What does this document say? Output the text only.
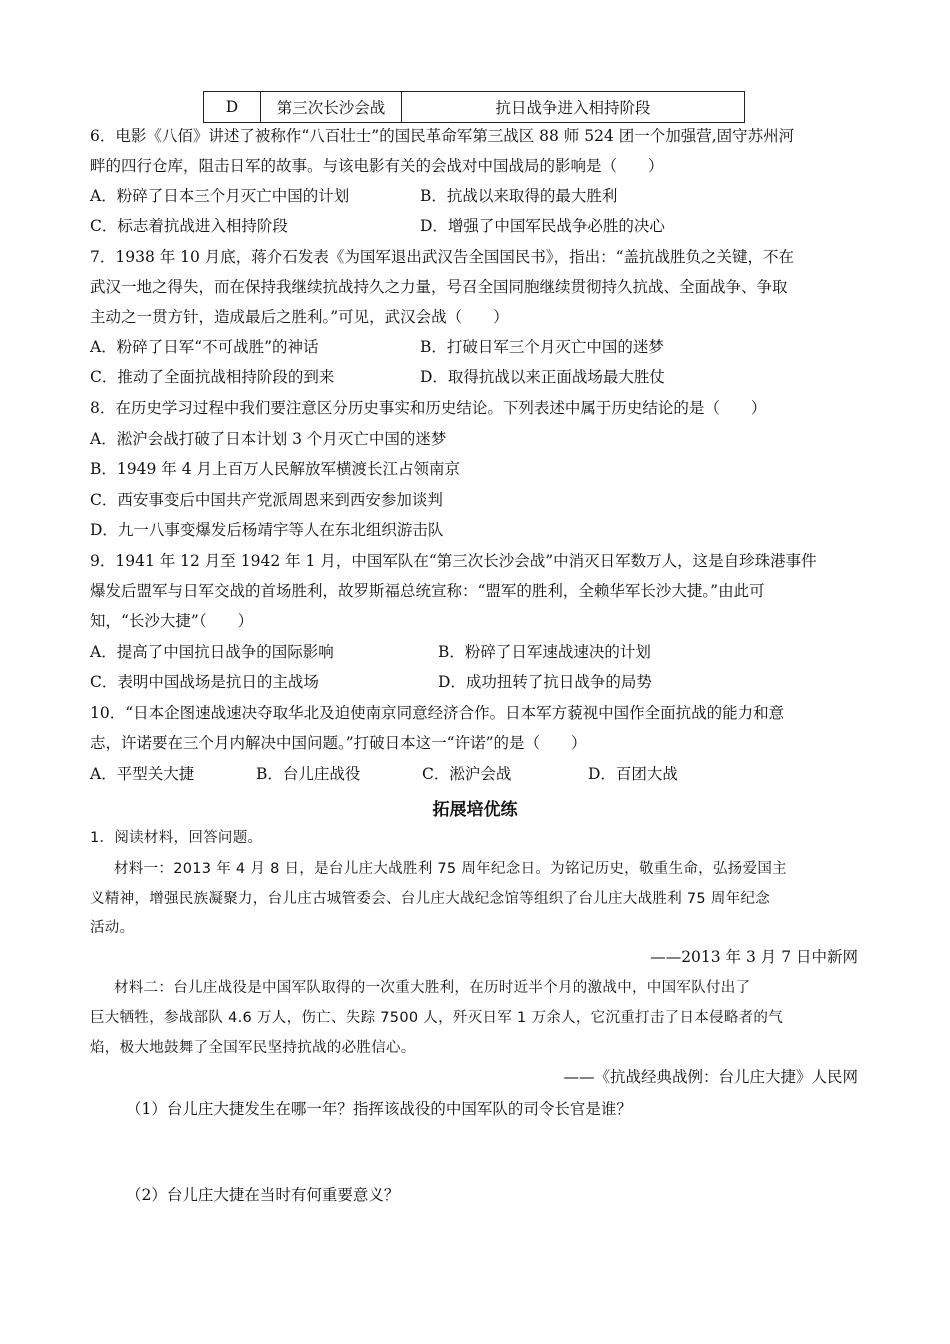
D	第三次长沙会战	抗日战争进入相持阶段
6．电影《八佰》讲述了被称作“八百壮士”的国民革命军第三战区 88 师 524 团一个加强营,固守苏州河
畔的四行仓库，阻击日军的故事。与该电影有关的会战对中国战局的影响是（　　）
A．粉碎了日本三个月灭亡中国的计划	B．抗战以来取得的最大胜利
C．标志着抗战进入相持阶段	D．增强了中国军民战争必胜的决心
7．1938 年 10 月底，蒋介石发表《为国军退出武汉告全国国民书》，指出：“盖抗战胜负之关键，不在
武汉一地之得失，而在保持我继续抗战持久之力量，号召全国同胞继续贯彻持久抗战、全面战争、争取
主动之一贯方针，造成最后之胜利。”可见，武汉会战（　　）
A．粉碎了日军“不可战胜”的神话	B．打破日军三个月灭亡中国的迷梦
C．推动了全面抗战相持阶段的到来	D．取得抗战以来正面战场最大胜仗
8．在历史学习过程中我们要注意区分历史事实和历史结论。下列表述中属于历史结论的是（　　）
A．淞沪会战打破了日本计划 3 个月灭亡中国的迷梦
B．1949 年 4 月上百万人民解放军横渡长江占领南京
C．西安事变后中国共产党派周恩来到西安参加谈判
D．九一八事变爆发后杨靖宇等人在东北组织游击队
9．1941 年 12 月至 1942 年 1 月，中国军队在“第三次长沙会战”中消灭日军数万人，这是自珍珠港事件
爆发后盟军与日军交战的首场胜利，故罗斯福总统宣称：“盟军的胜利，全赖华军长沙大捷。”由此可
知，“长沙大捷”（　　）
A．提高了中国抗日战争的国际影响	B．粉碎了日军速战速决的计划
C．表明中国战场是抗日的主战场	D．成功扭转了抗日战争的局势
10．“日本企图速战速决夺取华北及迫使南京同意经济合作。日本军方藐视中国作全面抗战的能力和意
志，许诺要在三个月内解决中国问题。”打破日本这一“许诺”的是（　　）
A．平型关大捷	B．台儿庄战役	C．淞沪会战	D．百团大战
拓展培优练
1．阅读材料，回答问题。
材料一：2013 年 4 月 8 日，是台儿庄大战胜利 75 周年纪念日。为铭记历史，敬重生命，弘扬爱国主
义精神，增强民族凝聚力，台儿庄古城管委会、台儿庄大战纪念馆等组织了台儿庄大战胜利 75 周年纪念
活动。
——2013 年 3 月 7 日中新网
材料二：台儿庄战役是中国军队取得的一次重大胜利，在历时近半个月的激战中，中国军队付出了
巨大牺牲，参战部队 4.6 万人，伤亡、失踪 7500 人，歼灭日军 1 万余人，它沉重打击了日本侵略者的气
焰，极大地鼓舞了全国军民坚持抗战的必胜信心。
——《抗战经典战例：台儿庄大捷》人民网
（1）台儿庄大捷发生在哪一年？指挥该战役的中国军队的司令长官是谁？
（2）台儿庄大捷在当时有何重要意义？
